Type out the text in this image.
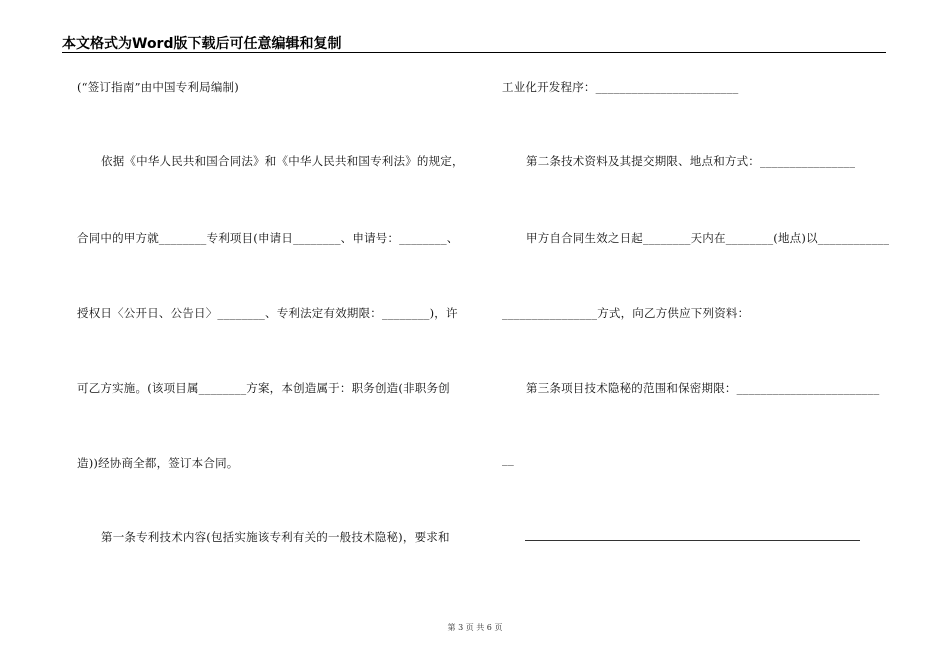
本文格式为Word版下载后可任意编辑和复制
(“签订指南”由中国专利局编制)
依据《中华人民共和国合同法》和《中华人民共和国专利法》的规定，
合同中的甲方就________专利项目(申请日________、申请号：________、
授权日〈公开日、公告日〉________、专利法定有效期限：________)，许
可乙方实施。(该项目属________方案，本创造属于：职务创造(非职务创
造))经协商全都，签订本合同。
第一条专利技术内容(包括实施该专利有关的一般技术隐秘)，要求和
工业化开发程序：________________________
第二条技术资料及其提交期限、地点和方式：________________
甲方自合同生效之日起________天内在________(地点)以____________
________________方式，向乙方供应下列资料：
第三条项目技术隐秘的范围和保密期限：________________________
__
第 3 页 共 6 页
